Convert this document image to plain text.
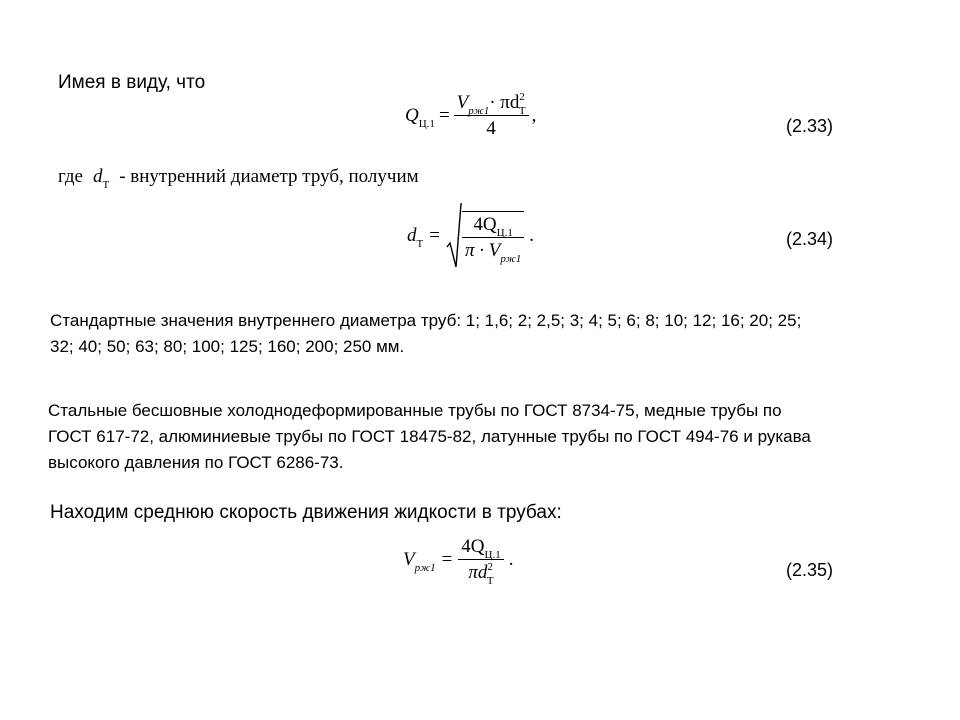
Имея в виду, что
$Q_{Ц.1} = \frac{V_{рж1}\cdot \pi d^2_Т}{4}$ ,	(2.33)
где $d_Т$ - внутренний диаметр труб, получим
$d_Т = \frac{4Q_{Ц.1}}{\pi \cdot V_{рж1}}$ .	(2.34)
Стандартные значения внутреннего диаметра труб: 1; 1,6; 2; 2,5; 3; 4; 5; 6; 8; 10; 12; 16; 20; 25;
32; 40; 50; 63; 80; 100; 125; 160; 200; 250 мм.
Стальные бесшовные холоднодеформированные трубы по ГОСТ 8734-75, медные трубы по
ГОСТ 617-72, алюминиевые трубы по ГОСТ 18475-82, латунные трубы по ГОСТ 494-76 и рукава
высокого давления по ГОСТ 6286-73.
Находим среднюю скорость движения жидкости в трубах:
$V_{рж1} = \frac{4Q_{Ц.1}}{\pi d^2_Т}$ .	(2.35)
